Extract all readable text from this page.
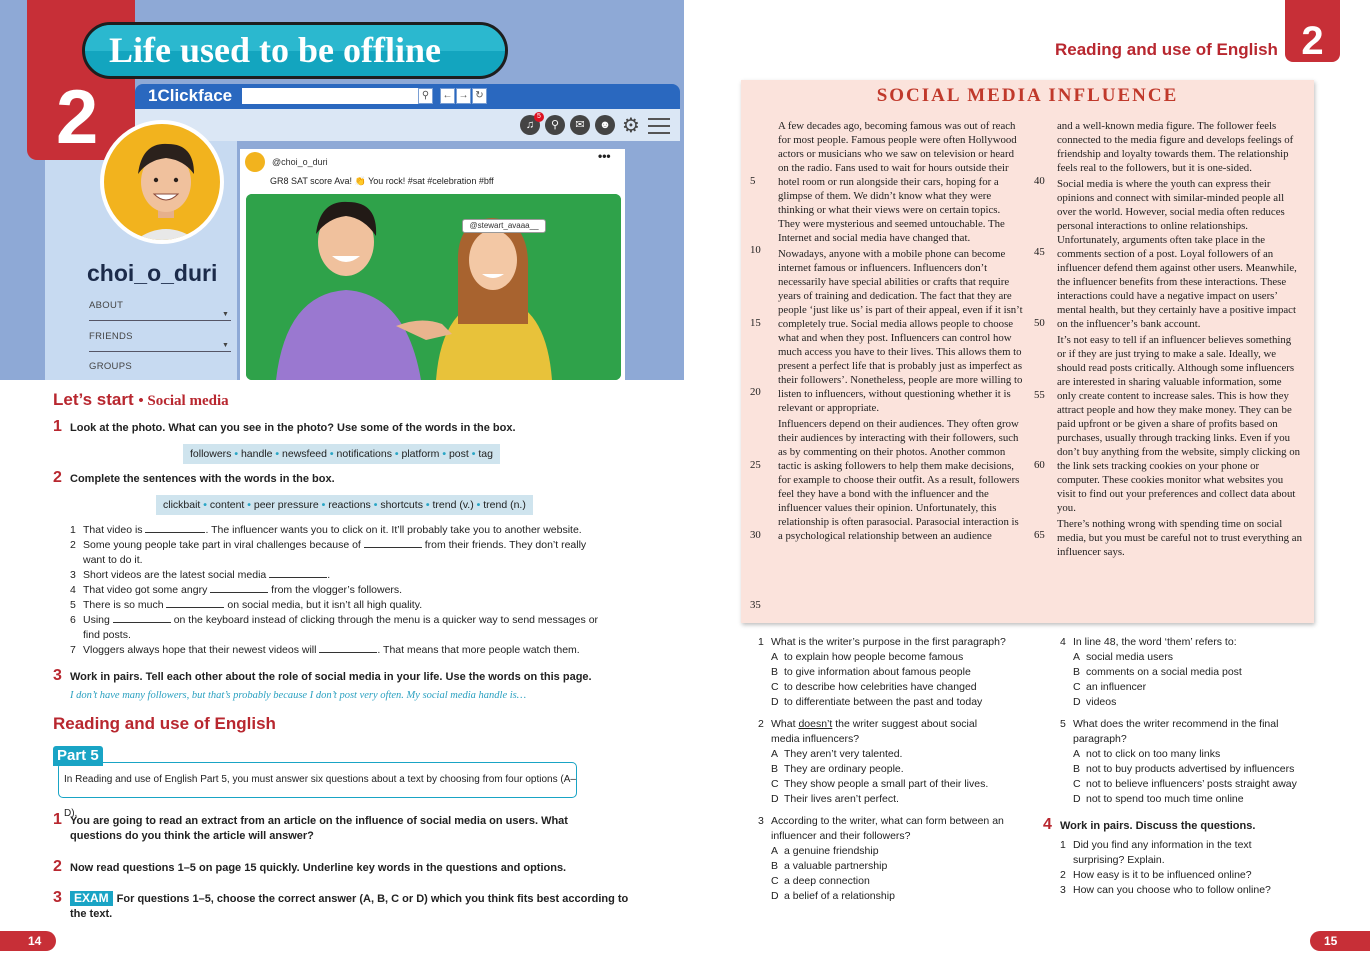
2
Life used to be offline
1Clickface	⚲	← → ↻
♫
5
⚲	✉	☻ ⚙
choi_o_duri
ABOUT
▼
FRIENDS
▼
GROUPS
@choi_o_duri
GR8 SAT score Ava! 👏 You rock! #sat #celebration #bff
•••
@stewart_avaaa__
Let’s start • Social media
1 Look at the photo. What can you see in the photo? Use some of the words in the box.
followers • handle • newsfeed • notifications • platform • post • tag
2 Complete the sentences with the words in the box.
clickbait • content • peer pressure • reactions • shortcuts • trend (v.) • trend (n.)
1 That video is	. The influencer wants you to click on it. It’ll probably take you to another website.
2 Some young people take part in viral challenges because of	from their friends. They don’t really
want to do it.
3 Short videos are the latest social media	.
4 That video got some angry	from the vlogger’s followers.
5 There is so much	on social media, but it isn’t all high quality.
6 Using	on the keyboard instead of clicking through the menu is a quicker way to send messages or
find posts.
7 Vloggers always hope that their newest videos will	. That means that more people watch them.
3 Work in pairs. Tell each other about the role of social media in your life. Use the words on this page.
I don’t have many followers, but that’s probably because I don’t post very often. My social media handle is…
Reading and use of English
Part 5
In Reading and use of English Part 5, you must answer six questions about a text by choosing from four options (A–D).
1 You are going to read an extract from an article on the influence of social media on users. What questions do you think the article will answer?
2 Now read questions 1–5 on page 15 quickly. Underline key words in the questions and options.
3	EXAM For questions 1–5, choose the correct answer (A, B, C or D) which you think fits best according to the text.
14
Reading and use of English 2
SOCIAL MEDIA INFLUENCE

A few decades ago, becoming famous was out of reach for most people. Famous people were often Hollywood actors or musicians who we saw on television or heard on the radio. Fans used to wait for hours outside their hotel room or run alongside their cars, hoping for a glimpse of them. We didn’t know what they were thinking or what their views were on certain topics. They were mysterious and seemed untouchable. The Internet and social media have changed that.

Nowadays, anyone with a mobile phone can become internet famous or influencers. Influencers don’t necessarily have special abilities or crafts that require years of training and dedication. The fact that they are people ‘just like us’ is part of their appeal, even if it isn’t completely true. Social media allows people to choose what and when they post. Influencers can control how much access you have to their lives. This allows them to present a perfect life that is probably just as imperfect as their followers’. Nonetheless, people are more willing to listen to influencers, without questioning whether it is relevant or appropriate.

Influencers depend on their audiences. They often grow their audiences by interacting with their followers, such as by commenting on their photos. Another common tactic is asking followers to help them make decisions, for example to choose their outfit. As a result, followers feel they have a bond with the influencer and the influencer values their opinion. Unfortunately, this relationship is often parasocial. Parasocial interaction is a psychological relationship between an audience

and a well-known media figure. The follower feels connected to the media figure and develops feelings of friendship and loyalty towards them. The relationship feels real to the followers, but it is one-sided.

Social media is where the youth can express their opinions and connect with similar-minded people all over the world. However, social media often reduces personal interactions to online relationships. Unfortunately, arguments often take place in the comments section of a post. Loyal followers of an influencer defend them against other users. Meanwhile, the influencer benefits from these interactions. These interactions could have a negative impact on users’ mental health, but they certainly have a positive impact on the influencer’s bank account.

It’s not easy to tell if an influencer believes something or if they are just trying to make a sale. Ideally, we should read posts critically. Although some influencers are interested in sharing valuable information, some only create content to increase sales. This is how they attract people and how they make money. They can be paid upfront or be given a share of profits based on purchases, usually through tracking links. Even if you don’t buy anything from the website, simply clicking on the link sets tracking cookies on your phone or computer. These cookies monitor what websites you visit to find out your preferences and collect data about you.

There’s nothing wrong with spending time on social media, but you must be careful not to trust everything an influencer says.

5
10
15
20
25
30
35
40
45
50
55
60
65
1 What is the writer’s purpose in the first paragraph?
A to explain how people become famous
B to give information about famous people
C to describe how celebrities have changed
D to differentiate between the past and today
2 What doesn’t the writer suggest about social media influencers?
A They aren’t very talented.
B They are ordinary people.
C They show people a small part of their lives.
D Their lives aren’t perfect.
3 According to the writer, what can form between an influencer and their followers?
A a genuine friendship
B a valuable partnership
C a deep connection
D a belief of a relationship
4 In line 48, the word ‘them’ refers to:
A social media users
B comments on a social media post
C an influencer
D videos
5 What does the writer recommend in the final paragraph?
A not to click on too many links
B not to buy products advertised by influencers
C not to believe influencers’ posts straight away
D not to spend too much time online
4 Work in pairs. Discuss the questions.
1 Did you find any information in the text surprising? Explain.
2 How easy is it to be influenced online?
3 How can you choose who to follow online?
15
